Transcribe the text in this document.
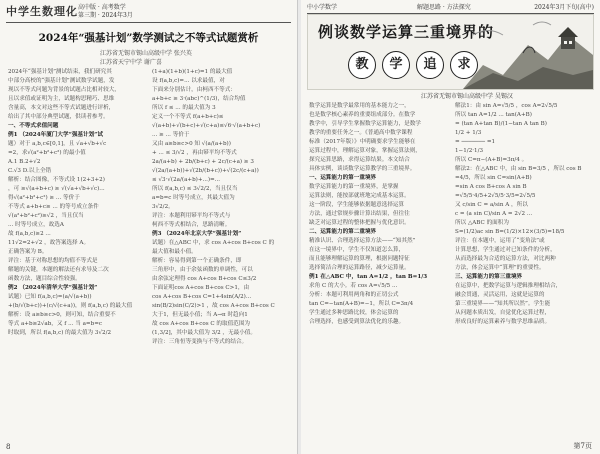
中学生数理化 高中版 · 高考数学
第三期 · 2024年3月
2024年“强基计划”数学测试之不等式试题赏析
江苏省无锡市锡山高级中学 张兴英
江苏省天宁中学 谢广喜
2024年“强基计划”测试结束，我们研究其
中部分高校的“强基计划”测试数学试题，发
现以不等式问题为背景的试题占比相对较大，
且以求值或证明为主，试题构思精巧、思维
含量高，本文对这些不等式试题进行评析，
给出了其中部分典型试题，供读者参考。
一、不等式求值问题
例1 （2024年厦门大学“强基计划”试
题）对于 a,b,c∈[0,1]，且 √a+√b+√c
=2，求√(a²+b²+c²) 的最小值
A.1 B.2+√2
C.√3 D.以上全错
解析：结合图像，不等式设 1(2+3+2)
，可 ≥√(a+b+c) ≥ √(√a+√b+√c)...
得√(a²+b²+c²) ≥ ... 等价于
不等式 a+b+c≥ ... 的等号成立条件
√(a²+b²+c²)≥√2 ，当且仅当
... 时等号成立，故选A
故 f(a,b,c)≥2 ...
11√2=2+√2 ，故答案选择 A。
正确答案为 B。
评注：基于对称思想的均值不等式是
解题的关键，本题的解法还有求导及二次
函数方法，题目综合性较强。
例2 （2024年清华大学“强基计划”
试题）已知 f(a,b,c)=(a/√(a+b))
+(b/√(b+c))+(c/√(c+a))，则 f(a,b,c) 的最大值
解析：设 a≥b≥c>0，则可知，结合重要不
等式 a+b≥2√ab，又 f ... 当 a=b=c
时取到，所以 f(a,b,c) 的最大值为 3√2/2
(1+a)(1+b)(1+c)=1 的最大值
设 f(a,b,c)=... 以求最值，对
下面来分别估计，由柯西不等式：
a+b+c ≥ 3·(abc)^(1/3)，结合均值
所以 f ≤ ... 的最大值为 3
定义一个不等式 f(a+b+c)≤
√(a+b)+√(b+c)+√(c+a)≤√6·√(a+b+c)
... ≥ ... 等价于
又由 a≥b≥c>0 知 √(a/(a+b))
+ ... ≤ 3/√2 ，再由幂平均不等式
2a/(a+b) + 2b/(b+c) + 2c/(c+a) ≥ 3
√(2a/(a+b))+√(2b/(b+c))+√(2c/(c+a))
≤ √3·√(2a/(a+b)+...)=...
所以 f(a,b,c) ≤ 3√2/2，当且仅当
a=b=c 时等号成立，其最大值为
3√2/2。
评注：本题利用幂平均不等式与
柯西不等式相结合，思路清晰。
例3 （2024年北京大学“强基计划”
试题）在△ABC 中，求 cos A+cos B+cos C 的
最大值和最小值。
解析：容易得到第一个正确条件，即
三角形中，由于余弦函数的单调性，可以
由余弦定理得 cos A+cos B+cos C≤3/2
下面证明cos A+cos B+cos C>1，由
cos A+cos B+cos C=1+4sin(A/2)...
sin(B/2)sin(C/2)>1 ，故 cos A+cos B+cos C
大于1，但无最小值；当 A→π 时趋向1
故 cos A+cos B+cos C 的取值范围为
(1,3/2]，其中最大值为 3/2 ，无最小值。
评注：三角恒等变换与不等式的结合。
8
中小学数学	解题思路 · 方法探究	2024年3月下旬(高中)
例谈数学运算三重境界的
教	学	追	求
江苏省无锡市锡山高级中学 吴锡汉
数学运算是数学最常用的基本能力之一，
也是数学核心素养的重要组成部分。在数学
教学中，引导学生掌握数学运算能力，是数学
教学的重要任务之一。《普通高中数学课程
标准（2017年版）》中明确要求学生能够在
运算过程中，理解运算对象，掌握运算法则，
探究运算思路，求得运算结果。本文结合
具体实例，谈谈数学运算教学的三重境界。
一、运算能力的第一重境界
数学运算能力的第一重境界，是掌握
运算法则，能按部就班地完成基本运算。
这一阶段，学生能够依据题意选择运算
方法，通过常规步骤计算出结果，但往往
缺乏对运算过程的整体把握与优化意识。
二、运算能力的第二重境界
精准认识、合理选择运算方法——“知其然”
在这一境界中，学生不仅知道怎么算，
而且能够理解运算的算理，根据问题特征
选择简洁合理的运算路径，减少运算量。
例1 在△ABC 中，tan A=1/2 ，tan B=1/3
求角 C 的大小。若 cos A=√5/5 ...
分析：本题可利用两角和的正切公式
tan C=−tan(A+B)=−1，所以 C=3π/4
学生通过多种思路比较，体会运算的
合理选择，也感受到算法优化的乐趣。
解法1：由 sin A=√5/5 ，cos A=2√5/5
所以 tan A=1/2 ... tan(A+B)
= (tan A+tan B)/(1−tan A tan B)
1/2 + 1/3
= ─────── =1
1−1/2·1/3
所以 C=π−(A+B)=3π/4 。
解法2：在△ABC 中，由 sin B=3/5 ，所以 cos B
=4/5，所以 sin C=sin(A+B)
=sin A cos B+cos A sin B
=√5/5·4/5+2√5/5·3/5=2√5/5
又 c/sin C = a/sin A ，所以
c = (a sin C)/sin A = 2√2 ...
所以 △ABC 的面积为
S=(1/2)ac sin B=(1/2)×12×(3/5)=18/5
评注：在本题中，运用了“变角法”或
计算思想，学生通过对已知条件的分析，
从而选择最为合适的运算方法，对比两种
方法，体会运算中“算理”的重要性。
三、运算能力的第三重境界
在运算中，把数学运算与逻辑推理相结合，
融会贯通，灵活运用，这就是运算的
第三重境界——“知其所以然”。学生能
从问题本质出发，自觉优化运算过程，
形成良好的运算素养与数学思维品质。
第7页
